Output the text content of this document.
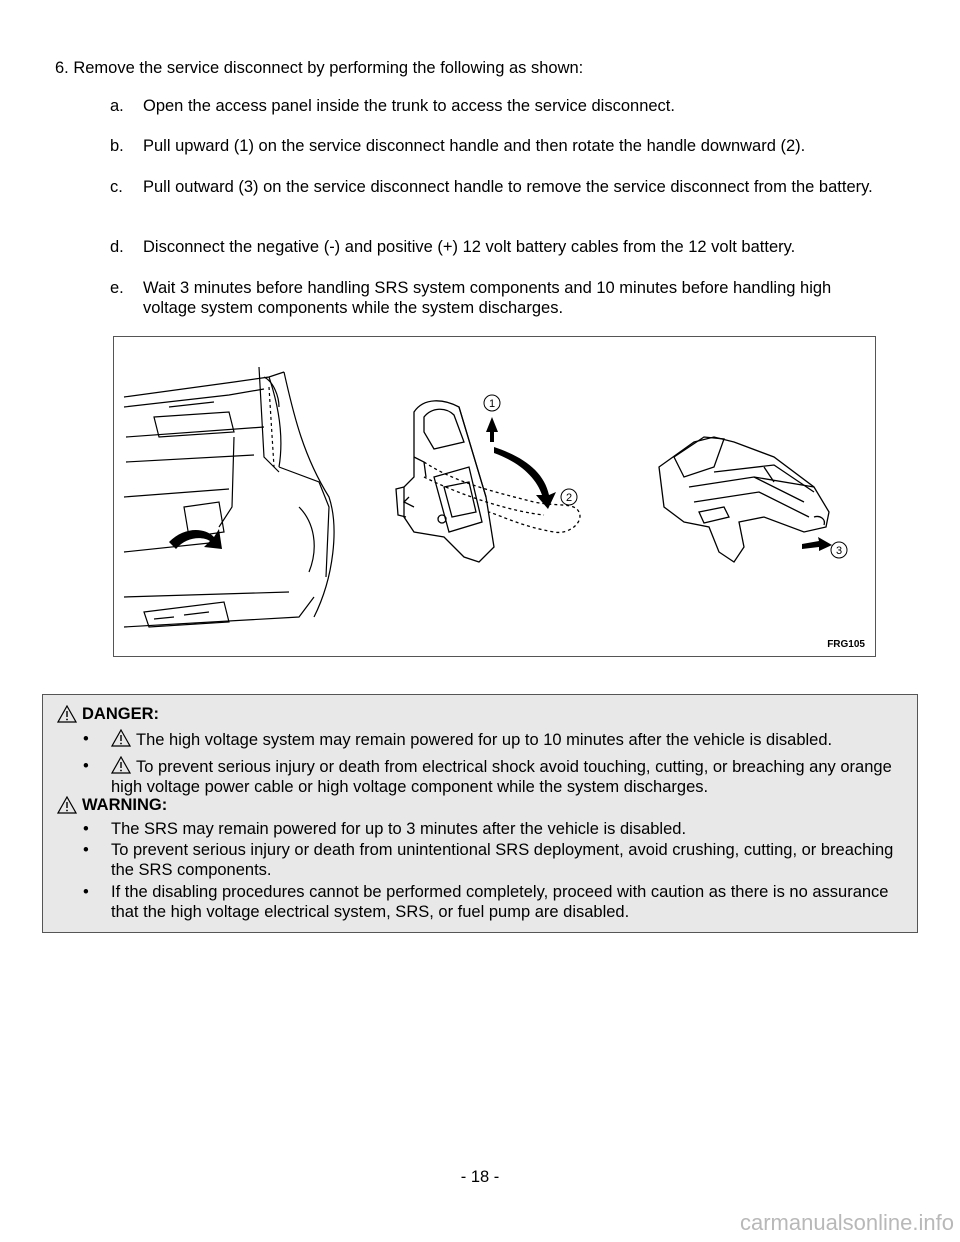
6. Remove the service disconnect by performing the following as shown:
a. Open the access panel inside the trunk to access the service disconnect.
b. Pull upward (1) on the service disconnect handle and then rotate the handle downward (2).
c. Pull outward (3) on the service disconnect handle to remove the service disconnect from the battery.
d. Disconnect the negative (-) and positive (+) 12 volt battery cables from the 12 volt battery.
e. Wait 3 minutes before handling SRS system components and 10 minutes before handling high voltage system components while the system discharges.
1
2
3
FRG105
DANGER:
•	The high voltage system may remain powered for up to 10 minutes after the vehicle is disabled.
•	To prevent serious injury or death from electrical shock avoid touching, cutting, or breaching any orange high voltage power cable or high voltage component while the system discharges.
WARNING:
• The SRS may remain powered for up to 3 minutes after the vehicle is disabled.
• To prevent serious injury or death from unintentional SRS deployment, avoid crushing, cutting, or breaching the SRS components.
• If the disabling procedures cannot be performed completely, proceed with caution as there is no assurance that the high voltage electrical system, SRS, or fuel pump are disabled.
- 18 -
carmanualsonline.info
